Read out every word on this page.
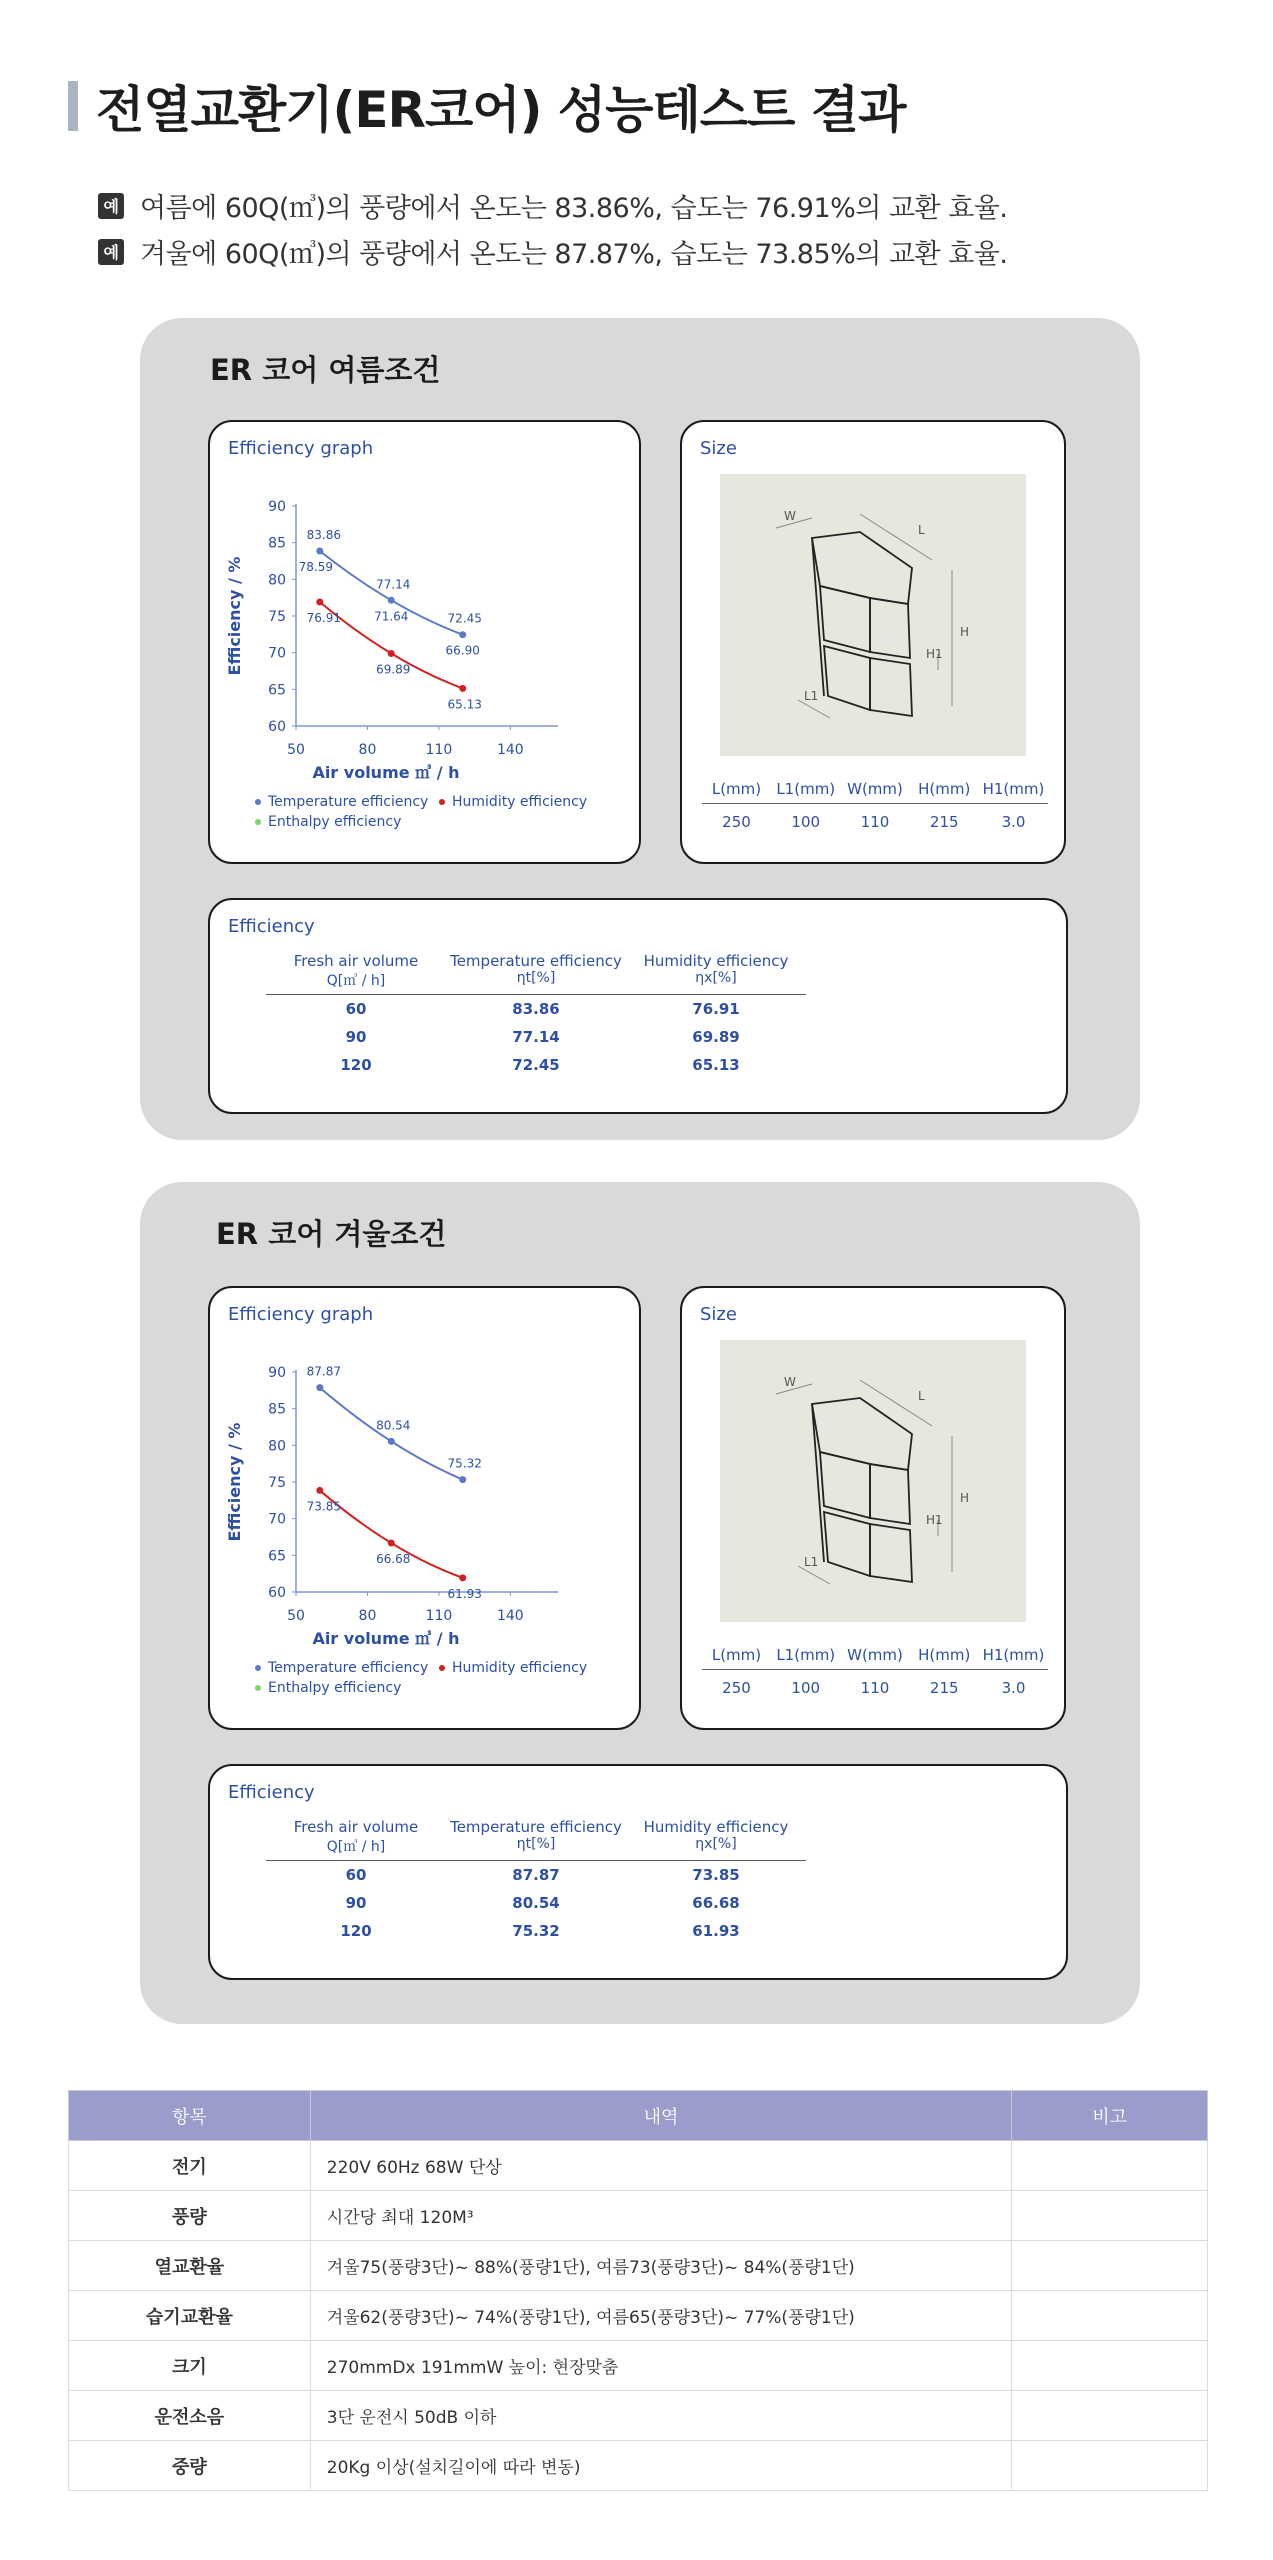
전열교환기(ER코어) 성능테스트 결과
예 여름에 60Q(㎥)의 풍량에서 온도는 83.86%, 습도는 76.91%의 교환 효율.
예 겨울에 60Q(㎥)의 풍량에서 온도는 87.87%, 습도는 73.85%의 교환 효율.
ER 코어 여름조건
Efficiency graph
60
65
70
75
80
85
90
50	80	110	140
Air volume ㎥ / h
Efficiency / %
83.86
77.14
72.45
76.91
69.89
65.13
78.59
71.64
66.90
Temperature efficiency Humidity efficiency
Enthalpy efficiency
Size
W
L
H
H1
L1
L(mm)	L1(mm) W(mm)	H(mm) H1(mm)
250	100	110	215	3.0
Efficiency
Fresh air volume
Q[㎥ / h]
Temperature efficiency
ηt[%]
Humidity efficiency
ηx[%]
60	83.86	76.91
90	77.14	69.89
120	72.45	65.13
ER 코어 겨울조건
Efficiency graph
60
65
70
75
80
85
90
50	80	110	140
Air volume ㎥ / h
Efficiency / %
87.87
80.54
75.32
73.85
66.68
61.93
Temperature efficiency Humidity efficiency
Enthalpy efficiency
Size
W
L
H
H1
L1
L(mm)	L1(mm) W(mm)	H(mm) H1(mm)
250	100	110	215	3.0
Efficiency
Fresh air volume
Q[㎥ / h]
Temperature efficiency
ηt[%]
Humidity efficiency
ηx[%]
60	87.87	73.85
90	80.54	66.68
120	75.32	61.93
항목	내역	비고
전기	220V 60Hz 68W 단상	
풍량	시간당 최대 120M³	
열교환율	겨울75(풍량3단)~ 88%(풍량1단), 여름73(풍량3단)~ 84%(풍량1단)	
습기교환율	겨울62(풍량3단)~ 74%(풍량1단), 여름65(풍량3단)~ 77%(풍량1단)	
크기	270mmDx 191mmW 높이: 현장맞춤	
운전소음	3단 운전시 50dB 이하	
중량	20Kg 이상(설치길이에 따라 변동)	
